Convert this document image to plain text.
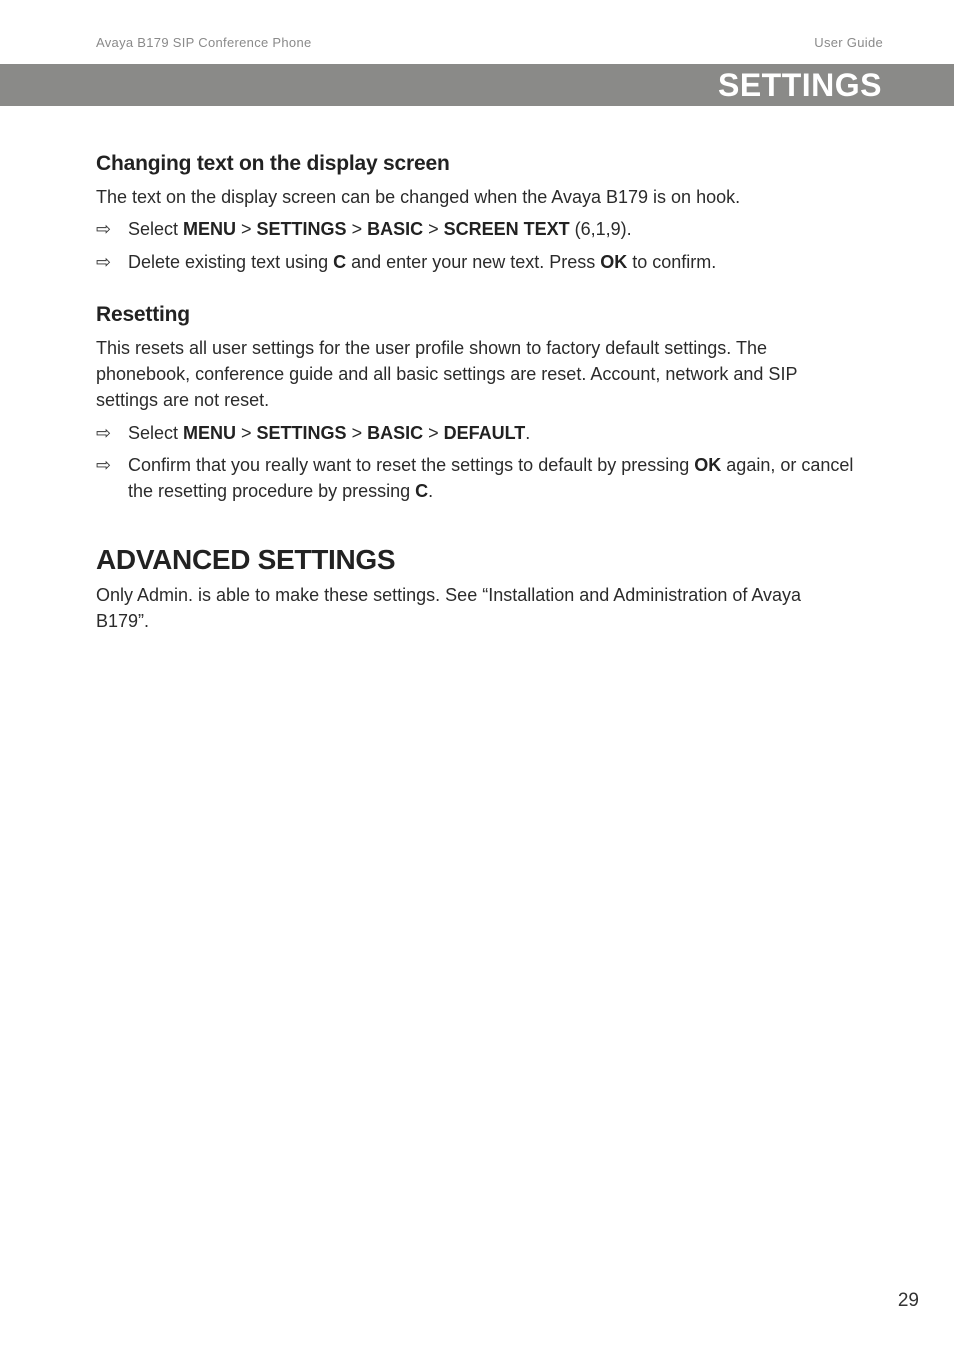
Avaya B179 SIP Conference Phone	User Guide
SETTINGS
Changing text on the display screen

The text on the display screen can be changed when the Avaya B179 is on hook.

⇨ Select MENU > SETTINGS > BASIC > SCREEN TEXT (6,1,9).
⇨ Delete existing text using C and enter your new text. Press OK to confirm.
Resetting

This resets all user settings for the user profile shown to factory default settings. The phonebook, conference guide and all basic settings are reset. Account, network and SIP settings are not reset.

⇨ Select MENU > SETTINGS > BASIC > DEFAULT.
⇨ Confirm that you really want to reset the settings to default by pressing OK again, or cancel the resetting procedure by pressing C.
ADVANCED SETTINGS

Only Admin. is able to make these settings. See “Installation and Administration of Avaya B179”.

29
